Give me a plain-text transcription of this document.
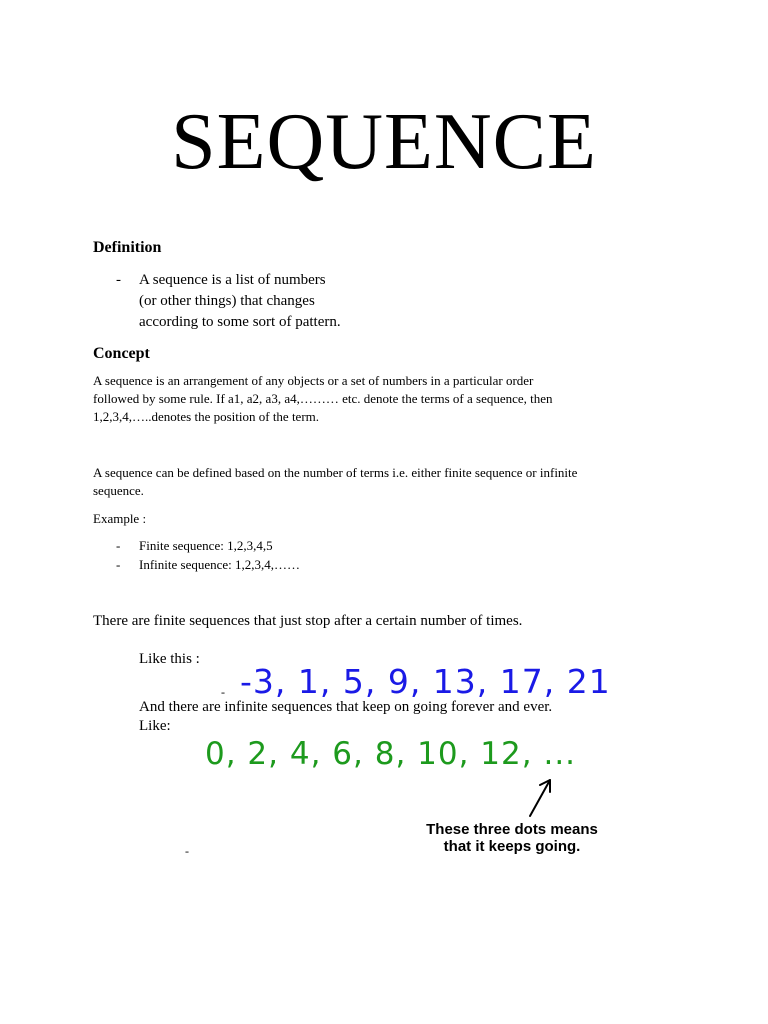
SEQUENCE
Definition
- A sequence is a list of numbers
(or other things) that changes
according to some sort of pattern.
Concept
A sequence is an arrangement of any objects or a set of numbers in a particular order
followed by some rule. If a1, a2, a3, a4,……… etc. denote the terms of a sequence, then
1,2,3,4,…..denotes the position of the term.
A sequence can be defined based on the number of terms i.e. either finite sequence or infinite
sequence.
Example :
- Finite sequence: 1,2,3,4,5
- Infinite sequence: 1,2,3,4,……
There are finite sequences that just stop after a certain number of times.
Like this :
- -3, 1, 5, 9, 13, 17, 21
And there are infinite sequences that keep on going forever and ever.
Like:
0, 2, 4, 6, 8, 10, 12, ...
These three dots means
that it keeps going.
-
